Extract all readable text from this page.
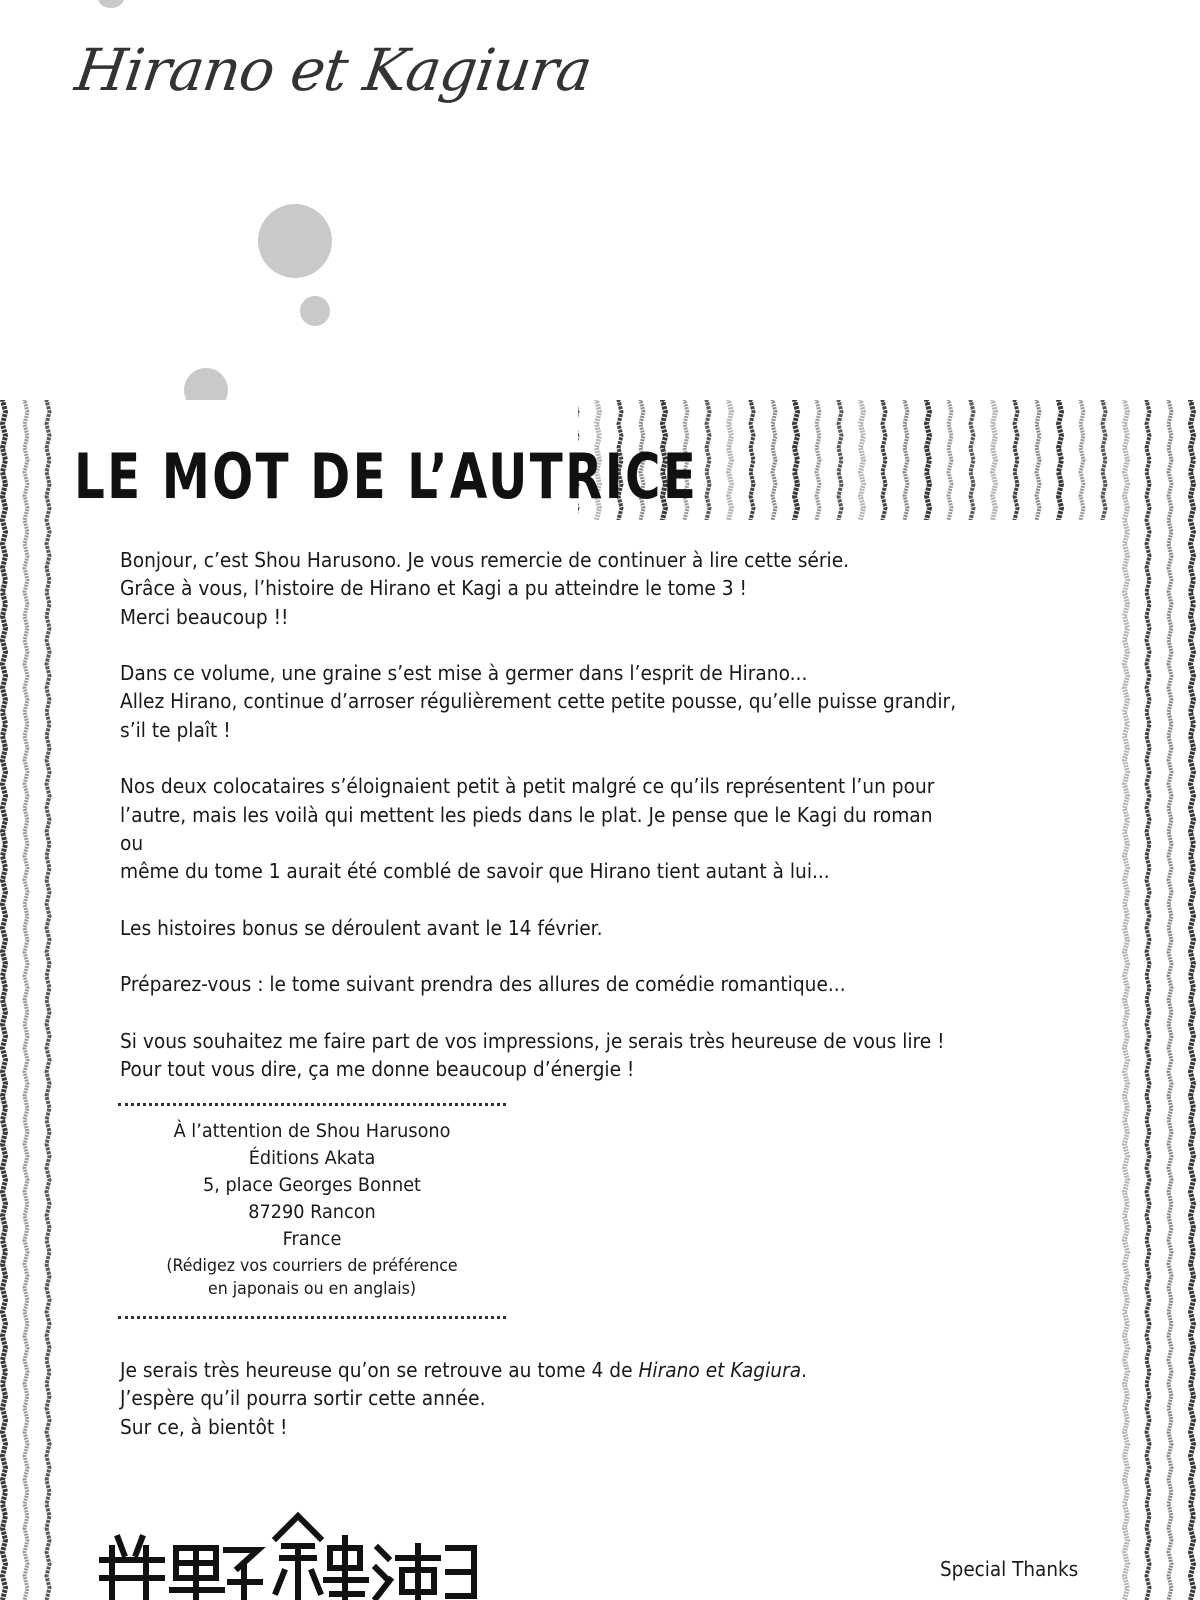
Hirano et Kagiura
LE MOT DE L’AUTRICE

Bonjour, c’est Shou Harusono. Je vous remercie de continuer à lire cette série.
Grâce à vous, l’histoire de Hirano et Kagi a pu atteindre le tome 3 !
Merci beaucoup !!

Dans ce volume, une graine s’est mise à germer dans l’esprit de Hirano...
Allez Hirano, continue d’arroser régulièrement cette petite pousse, qu’elle puisse grandir,
s’il te plaît !

Nos deux colocataires s’éloignaient petit à petit malgré ce qu’ils représentent l’un pour
l’autre, mais les voilà qui mettent les pieds dans le plat. Je pense que le Kagi du roman ou
même du tome 1 aurait été comblé de savoir que Hirano tient autant à lui...

Les histoires bonus se déroulent avant le 14 février.

Préparez-vous : le tome suivant prendra des allures de comédie romantique...

Si vous souhaitez me faire part de vos impressions, je serais très heureuse de vous lire !
Pour tout vous dire, ça me donne beaucoup d’énergie !

À l’attention de Shou Harusono
Éditions Akata
5, place Georges Bonnet
87290 Rancon
France
(Rédigez vos courriers de préférence
en japonais ou en anglais)
Je serais très heureuse qu’on se retrouve au tome 4 de Hirano et Kagiura.
J’espère qu’il pourra sortir cette année.
Sur ce, à bientôt !
Special Thanks
